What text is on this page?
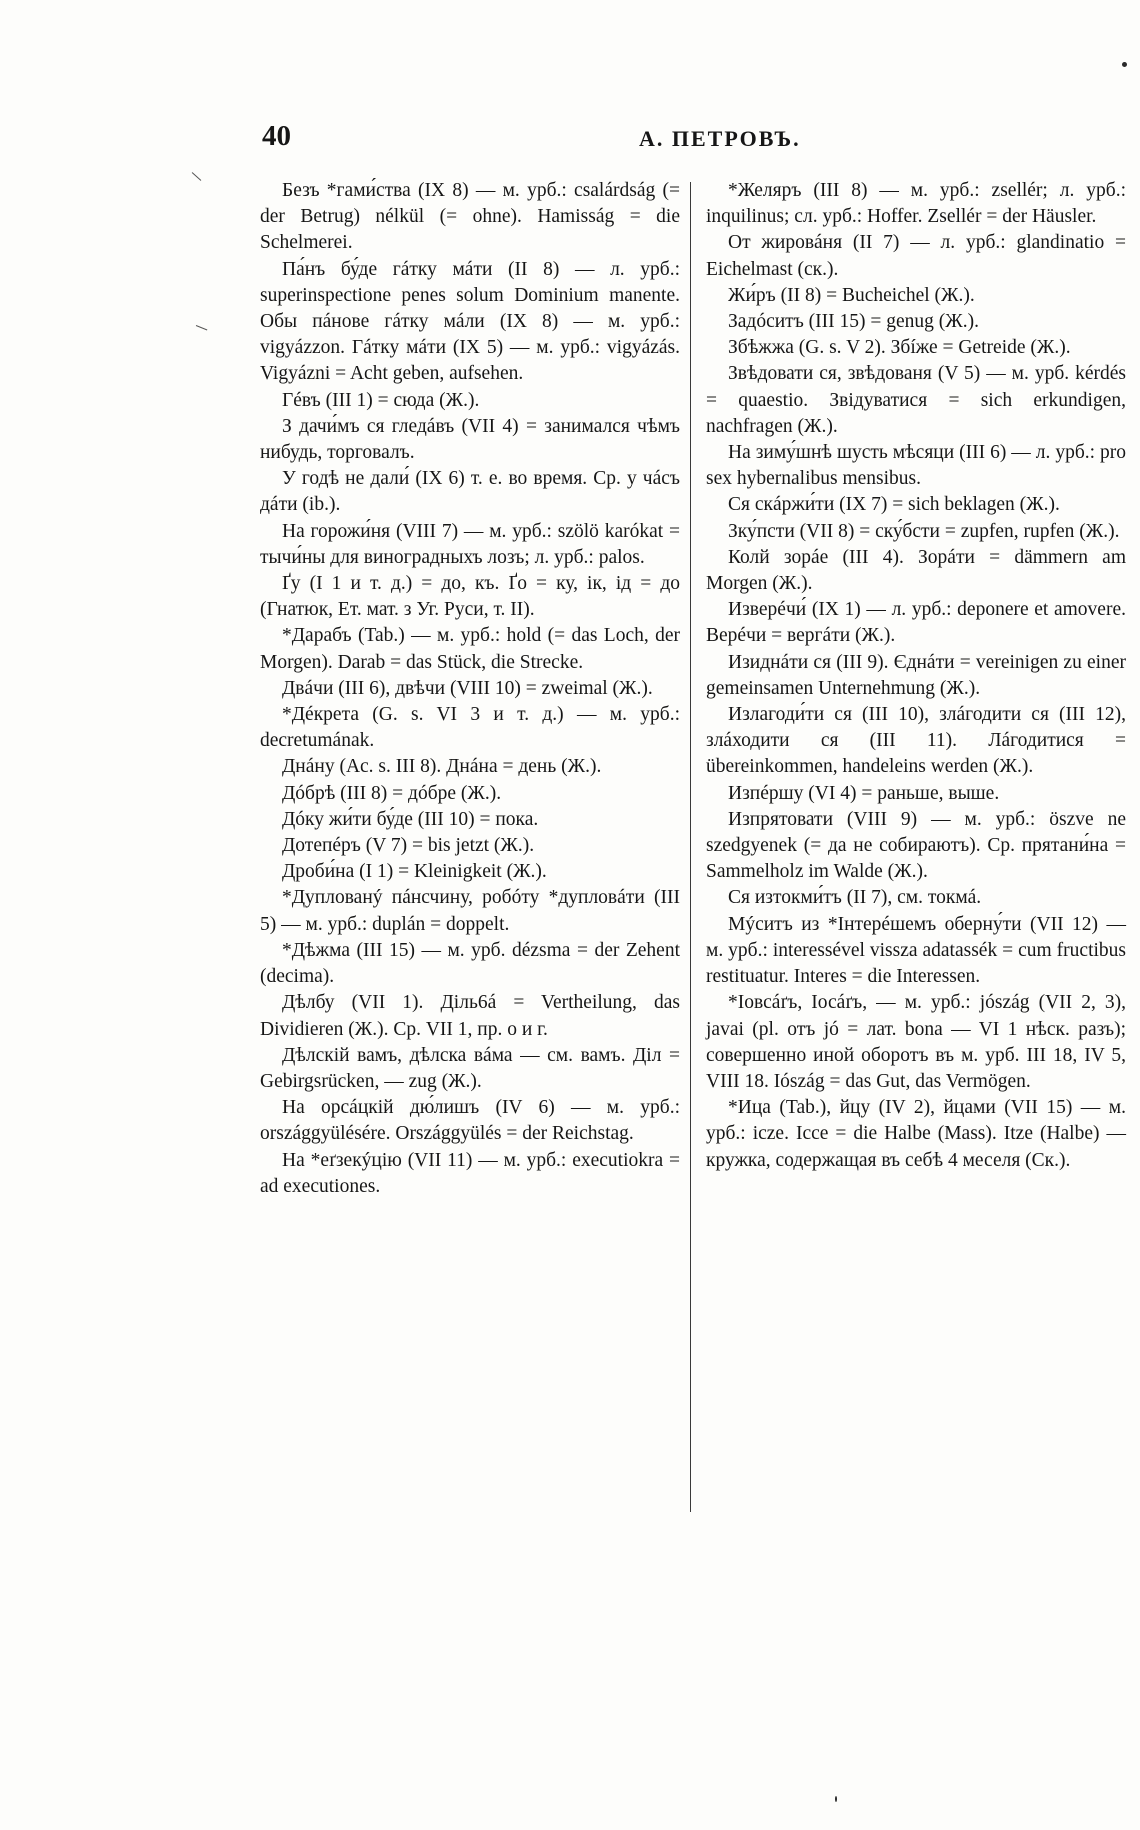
40	А. ПЕТРОВЪ.

Безъ *гами́ства (IX 8) — м. урб.: csalárdság (= der Betrug) nélkül (= ohne). Hamisság = die Schelmerei.

Па́нъ бу́де гáтку мáти (II 8) — л. урб.: superinspectione penes solum Dominium manente. Обы пáнове гáтку мáли (IX 8) — м. урб.: vigyázzon. Гáтку мáти (IX 5) — м. урб.: vigyázás. Vigyázni = Acht geben, aufsehen.

Гéвъ (III 1) = сюда (Ж.).

З дачи́мъ ся гледáвъ (VII 4) = занимался чѣмъ нибудь, торговалъ.

У годѣ не дали́ (IX 6) т. е. во время. Ср. у чáсъ дáти (ib.).

На горожи́ня (VIII 7) — м. урб.: szölö karókat = тычи́ны для виноградныхъ лозъ; л. урб.: palos.

Ґу (I 1 и т. д.) = до, къ. Ґо = ку, ік, ід = до (Гнатюк, Ет. мат. з Уг. Руси, т. II).

*Дарабъ (Tab.) — м. урб.: hold (= das Loch, der Morgen). Darab = das Stück, die Strecke.

Двáчи (III 6), двѣчи (VIII 10) = zweimal (Ж.).

*Дéкрета (G. s. VI 3 и т. д.) — м. урб.: decretumának.

Днáну (Ac. s. III 8). Днáна = день (Ж.).

Дóбрѣ (III 8) = дóбре (Ж.).

Дóку жи́ти бу́де (III 10) = пока.

Дотепéръ (V 7) = bis jetzt (Ж.).

Дроби́на (I 1) = Kleinigkeit (Ж.).

*Дуплованý пáнсчину, робóту *дупловáти (III 5) — м. урб.: duplán = doppelt.

*Дѣжма (III 15) — м. урб. dézsma = der Zehent (decima).

Дѣлбу (VII 1). Діль6á = Vertheilung, das Dividieren (Ж.). Ср. VII 1, пр. о и г.

Дѣлскій вамъ, дѣлска вáма — см. вамъ. Діл = Gebirgsrücken, — zug (Ж.).

На орсáцкій дю́лишъ (IV 6) — м. урб.: országgyülésére. Országgyülés = der Reichstag.

На *еґзекýцію (VII 11) — м. урб.: executiokra = ad executiones.

*Желяръ (III 8) — м. урб.: zsellér; л. урб.: inquilinus; сл. урб.: Hoffer. Zsellér = der Häusler.

От жировáня (II 7) — л. урб.: glandinatio = Eichelmast (ск.).

Жи́ръ (II 8) = Bucheichel (Ж.).

Задóситъ (III 15) = genug (Ж.).

Збѣжжа (G. s. V 2). Збíже = Getreide (Ж.).

Звѣдовати ся, звѣдованя (V 5) — м. урб. kérdés = quaestio. Звідуватися = sich erkundigen, nachfragen (Ж.).

На зиму́шнѣ шусть мѣсяци (III 6) — л. урб.: pro sex hybernalibus mensibus.

Ся скáржи́ти (IX 7) = sich beklagen (Ж.).

Зку́псти (VII 8) = ску́бсти = zupfen, rupfen (Ж.).

Колй зорáе (III 4). Зорáти = dämmern am Morgen (Ж.).

Изверéчи́ (IX 1) — л. урб.: deponere et amovere. Верéчи = вергáти (Ж.).

Изиднáти ся (III 9). Єднáти = vereinigen zu einer gemeinsamen Unternehmung (Ж.).

Излагоди́ти ся (III 10), злáгодити ся (III 12), злáходити ся (III 11). Лáгодитися = übereinkommen, handeleins werden (Ж.).

Изпéршу (VI 4) = раньше, выше.

Изпрятовати (VIII 9) — м. урб.: öszve ne szedgyenek (= да не собираютъ). Ср. прятани́на = Sammelholz im Walde (Ж.).

Ся изтокми́тъ (II 7), см. токмá.

Мýситъ из *Інтерéшемъ оберну́ти (VII 12) — м. урб.: interessével vissza adatassék = cum fructibus restituatur. Interes = die Interessen.

*Іовсáґъ, Іосáґъ, — м. урб.: jószág (VII 2, 3), javai (pl. отъ jó = лат. bona — VI 1 нѣск. разъ); совершенно иной оборотъ въ м. урб. III 18, IV 5, VIII 18. Iószág = das Gut, das Vermögen.

*Ица (Tab.), йцу (IV 2), йцами (VII 15) — м. урб.: icze. Icce = die Halbe (Mass). Itze (Halbe) — кружка, содержащая въ себѣ 4 меселя (Ск.).
